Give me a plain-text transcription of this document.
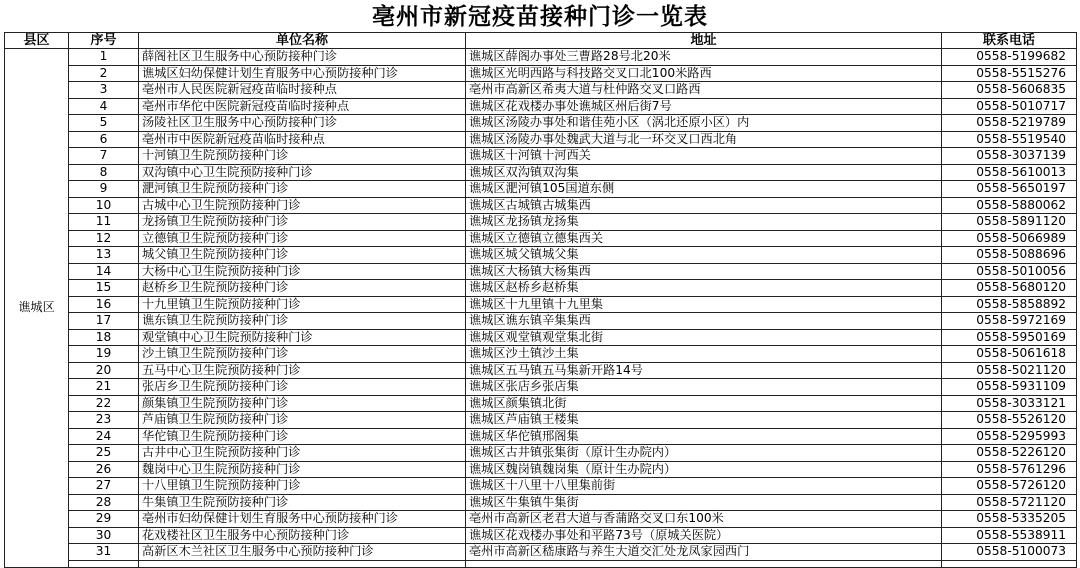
亳州市新冠疫苗接种门诊一览表
县区	序号	单位名称	地址	联系电话
谯城区	1	薛阁社区卫生服务中心预防接种门诊	谯城区薛阁办事处三曹路28号北20米	0558-5199682
	2	谯城区妇幼保健计划生育服务中心预防接种门诊	谯城区光明西路与科技路交叉口北100米路西	0558-5515276
	3	亳州市人民医院新冠疫苗临时接种点	亳州市高新区希夷大道与杜仲路交叉口路西	0558-5606835
	4	亳州市华佗中医院新冠疫苗临时接种点	谯城区花戏楼办事处谯城区州后街7号	0558-5010717
	5	汤陵社区卫生服务中心预防接种门诊	谯城区汤陵办事处和谐佳苑小区（涡北还原小区）内	0558-5219789
	6	亳州市中医院新冠疫苗临时接种点	谯城区汤陵办事处魏武大道与北一环交叉口西北角	0558-5519540
	7	十河镇卫生院预防接种门诊	谯城区十河镇十河西关	0558-3037139
	8	双沟镇中心卫生院预防接种门诊	谯城区双沟镇双沟集	0558-5610013
	9	淝河镇卫生院预防接种门诊	谯城区淝河镇105国道东侧	0558-5650197
	10	古城中心卫生院预防接种门诊	谯城区古城镇古城集西	0558-5880062
	11	龙扬镇卫生院预防接种门诊	谯城区龙扬镇龙扬集	0558-5891120
	12	立德镇卫生院预防接种门诊	谯城区立德镇立德集西关	0558-5066989
	13	城父镇卫生院预防接种门诊	谯城区城父镇城父集	0558-5088696
	14	大杨中心卫生院预防接种门诊	谯城区大杨镇大杨集西	0558-5010056
	15	赵桥乡卫生院预防接种门诊	谯城区赵桥乡赵桥集	0558-5680120
	16	十九里镇卫生院预防接种门诊	谯城区十九里镇十九里集	0558-5858892
	17	谯东镇卫生院预防接种门诊	谯城区谯东镇辛集集西	0558-5972169
	18	观堂镇中心卫生院预防接种门诊	谯城区观堂镇观堂集北街	0558-5950169
	19	沙土镇卫生院预防接种门诊	谯城区沙土镇沙土集	0558-5061618
	20	五马中心卫生院预防接种门诊	谯城区五马镇五马集新开路14号	0558-5021120
	21	张店乡卫生院预防接种门诊	谯城区张店乡张店集	0558-5931109
	22	颜集镇卫生院预防接种门诊	谯城区颜集镇北街	0558-3033121
	23	芦庙镇卫生院预防接种门诊	谯城区芦庙镇王楼集	0558-5526120
	24	华佗镇卫生院预防接种门诊	谯城区华佗镇邢阁集	0558-5295993
	25	古井中心卫生院预防接种门诊	谯城区古井镇张集街（原计生办院内）	0558-5226120
	26	魏岗中心卫生院预防接种门诊	谯城区魏岗镇魏岗集（原计生办院内）	0558-5761296
	27	十八里镇卫生院预防接种门诊	谯城区十八里十八里集前街	0558-5726120
	28	牛集镇卫生院预防接种门诊	谯城区牛集镇牛集街	0558-5721120
	29	亳州市妇幼保健计划生育服务中心预防接种门诊	亳州市高新区老君大道与香蒲路交叉口东100米	0558-5335205
	30	花戏楼社区卫生服务中心预防接种门诊	谯城区花戏楼办事处和平路73号（原城关医院）	0558-5538911
	31	高新区木兰社区卫生服务中心预防接种门诊	亳州市高新区嵇康路与养生大道交汇处龙凤家园西门	0558-5100073
